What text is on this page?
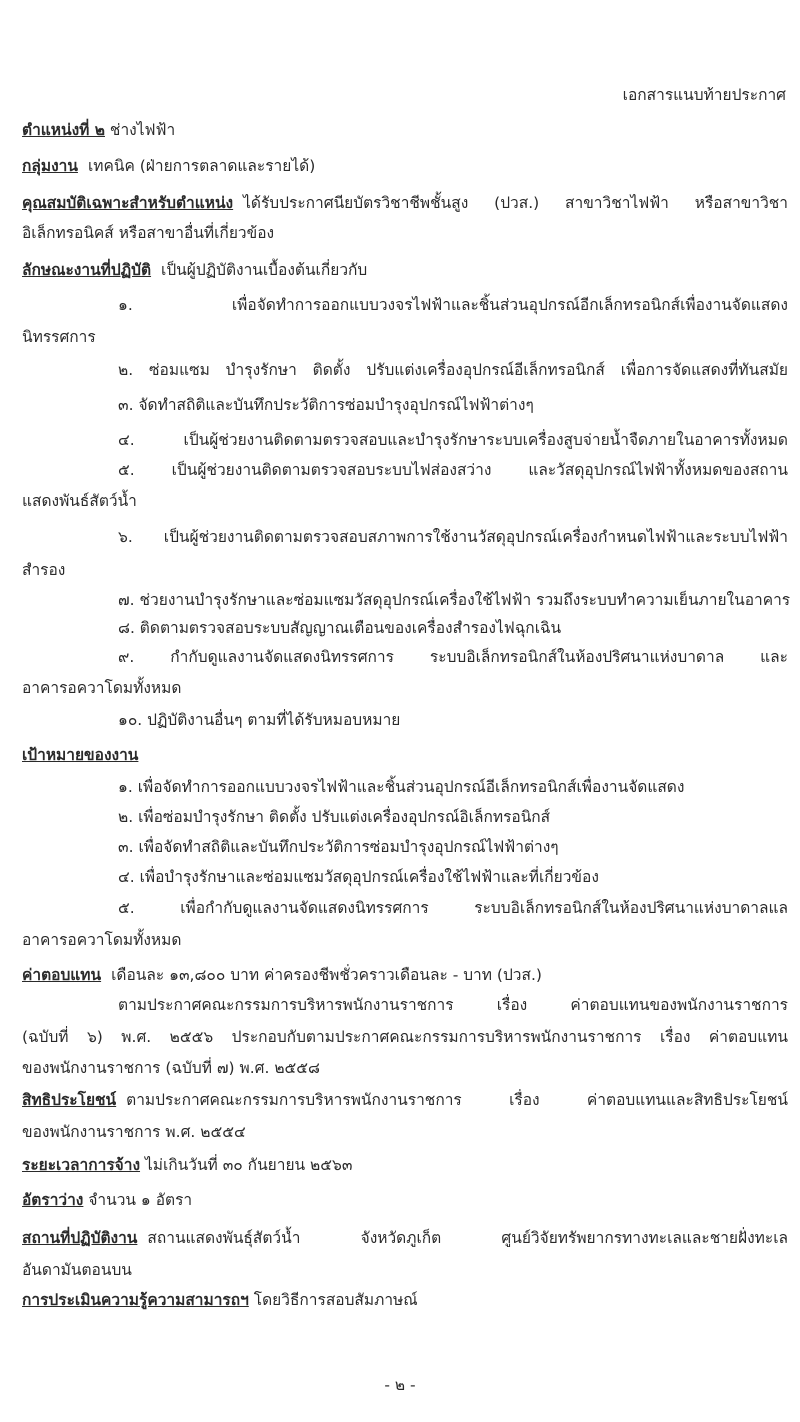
เอกสารแนบท้ายประกาศ
ตำแหน่งที่ ๒ ช่างไฟฟ้า
กลุ่มงาน เทคนิค (ฝ่ายการตลาดและรายได้)
คุณสมบัติเฉพาะสำหรับตำแหน่ง ได้รับประกาศนียบัตรวิชาชีพชั้นสูง (ปวส.) สาขาวิชาไฟฟ้า หรือสาขาวิชา
อิเล็กทรอนิคส์ หรือสาขาอื่นที่เกี่ยวข้อง
ลักษณะงานที่ปฏิบัติ เป็นผู้ปฏิบัติงานเบื้องต้นเกี่ยวกับ
๑. เพื่อจัดทำการออกแบบวงจรไฟฟ้าและชิ้นส่วนอุปกรณ์อีกเล็กทรอนิกส์เพื่องานจัดแสดง
นิทรรศการ
๒. ซ่อมแซม บำรุงรักษา ติดตั้ง ปรับแต่งเครื่องอุปกรณ์อีเล็กทรอนิกส์ เพื่อการจัดแสดงที่ทันสมัย
๓. จัดทำสถิติและบันทึกประวัติการซ่อมบำรุงอุปกรณ์ไฟฟ้าต่างๆ
๔. เป็นผู้ช่วยงานติดตามตรวจสอบและบำรุงรักษาระบบเครื่องสูบจ่ายน้ำจืดภายในอาคารทั้งหมด
๕. เป็นผู้ช่วยงานติดตามตรวจสอบระบบไฟส่องสว่าง และวัสดุอุปกรณ์ไฟฟ้าทั้งหมดของสถาน
แสดงพันธ์สัตว์น้ำ
๖. เป็นผู้ช่วยงานติดตามตรวจสอบสภาพการใช้งานวัสดุอุปกรณ์เครื่องกำหนดไฟฟ้าและระบบไฟฟ้า
สำรอง
๗. ช่วยงานบำรุงรักษาและซ่อมแซมวัสดุอุปกรณ์เครื่องใช้ไฟฟ้า รวมถึงระบบทำความเย็นภายในอาคาร
๘. ติดตามตรวจสอบระบบสัญญาณเตือนของเครื่องสำรองไฟฉุกเฉิน
๙. กำกับดูแลงานจัดแสดงนิทรรศการ ระบบอิเล็กทรอนิกส์ในห้องปริศนาแห่งบาดาล และ
อาคารอควาโดมทั้งหมด
๑๐. ปฏิบัติงานอื่นๆ ตามที่ได้รับหมอบหมาย
เป้าหมายของงาน
๑. เพื่อจัดทำการออกแบบวงจรไฟฟ้าและชิ้นส่วนอุปกรณ์อีเล็กทรอนิกส์เพื่องานจัดแสดง
๒. เพื่อซ่อมบำรุงรักษา ติดตั้ง ปรับแต่งเครื่องอุปกรณ์อิเล็กทรอนิกส์
๓. เพื่อจัดทำสถิติและบันทึกประวัติการซ่อมบำรุงอุปกรณ์ไฟฟ้าต่างๆ
๔. เพื่อบำรุงรักษาและซ่อมแซมวัสดุอุปกรณ์เครื่องใช้ไฟฟ้าและที่เกี่ยวข้อง
๕. เพื่อกำกับดูแลงานจัดแสดงนิทรรศการ ระบบอิเล็กทรอนิกส์ในห้องปริศนาแห่งบาดาลแล
อาคารอควาโดมทั้งหมด
ค่าตอบแทน เดือนละ ๑๓,๘๐๐ บาท ค่าครองชีพชั่วคราวเดือนละ - บาท (ปวส.)
ตามประกาศคณะกรรมการบริหารพนักงานราชการ เรื่อง ค่าตอบแทนของพนักงานราชการ
(ฉบับที่ ๖) พ.ศ. ๒๕๕๖ ประกอบกับตามประกาศคณะกรรมการบริหารพนักงานราชการ เรื่อง ค่าตอบแทน
ของพนักงานราชการ (ฉบับที่ ๗) พ.ศ. ๒๕๕๘
สิทธิประโยชน์ ตามประกาศคณะกรรมการบริหารพนักงานราชการ เรื่อง ค่าตอบแทนและสิทธิประโยชน์
ของพนักงานราชการ พ.ศ. ๒๕๕๔
ระยะเวลาการจ้าง ไม่เกินวันที่ ๓๐ กันยายน ๒๕๖๓
อัตราว่าง จำนวน ๑ อัตรา
สถานที่ปฏิบัติงาน สถานแสดงพันธุ์สัตว์น้ำ จังหวัดภูเก็ต ศูนย์วิจัยทรัพยากรทางทะเลและชายฝั่งทะเล
อันดามันตอนบน
การประเมินความรู้ความสามารถฯ โดยวิธีการสอบสัมภาษณ์
- ๒ -
